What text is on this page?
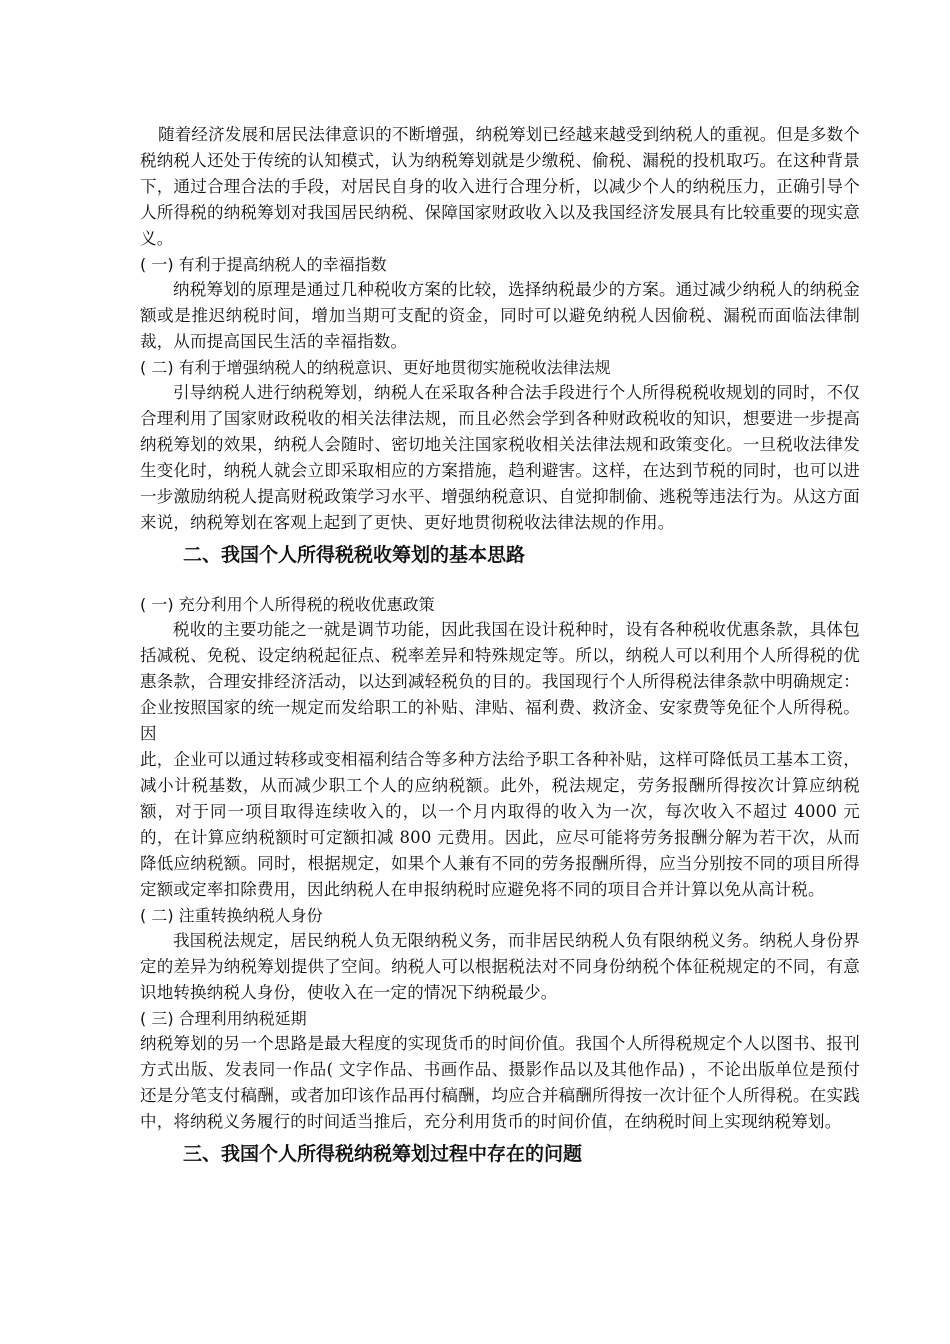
随着经济发展和居民法律意识的不断增强，纳税筹划已经越来越受到纳税人的重视。但是多数个税纳税人还处于传统的认知模式，认为纳税筹划就是少缴税、偷税、漏税的投机取巧。在这种背景下，通过合理合法的手段，对居民自身的收入进行合理分析，以减少个人的纳税压力，正确引导个人所得税的纳税筹划对我国居民纳税、保障国家财政收入以及我国经济发展具有比较重要的现实意义。

( 一) 有利于提高纳税人的幸福指数

纳税筹划的原理是通过几种税收方案的比较，选择纳税最少的方案。通过减少纳税人的纳税金额或是推迟纳税时间，增加当期可支配的资金，同时可以避免纳税人因偷税、漏税而面临法律制裁，从而提高国民生活的幸福指数。

( 二) 有利于增强纳税人的纳税意识、更好地贯彻实施税收法律法规

引导纳税人进行纳税筹划，纳税人在采取各种合法手段进行个人所得税税收规划的同时，不仅合理利用了国家财政税收的相关法律法规，而且必然会学到各种财政税收的知识，想要进一步提高纳税筹划的效果，纳税人会随时、密切地关注国家税收相关法律法规和政策变化。一旦税收法律发生变化时，纳税人就会立即采取相应的方案措施，趋利避害。这样，在达到节税的同时，也可以进一步激励纳税人提高财税政策学习水平、增强纳税意识、自觉抑制偷、逃税等违法行为。从这方面来说，纳税筹划在客观上起到了更快、更好地贯彻税收法律法规的作用。

二、我国个人所得税税收筹划的基本思路

( 一) 充分利用个人所得税的税收优惠政策

税收的主要功能之一就是调节功能，因此我国在设计税种时，设有各种税收优惠条款，具体包括减税、免税、设定纳税起征点、税率差异和特殊规定等。所以，纳税人可以利用个人所得税的优惠条款，合理安排经济活动，以达到减轻税负的目的。我国现行个人所得税法律条款中明确规定：企业按照国家的统一规定而发给职工的补贴、津贴、福利费、救济金、安家费等免征个人所得税。因

此，企业可以通过转移或变相福利结合等多种方法给予职工各种补贴，这样可降低员工基本工资，减小计税基数，从而减少职工个人的应纳税额。此外，税法规定，劳务报酬所得按次计算应纳税额，对于同一项目取得连续收入的，以一个月内取得的收入为一次，每次收入不超过 4000 元的，在计算应纳税额时可定额扣减 800 元费用。因此，应尽可能将劳务报酬分解为若干次，从而降低应纳税额。同时，根据规定，如果个人兼有不同的劳务报酬所得，应当分别按不同的项目所得定额或定率扣除费用，因此纳税人在申报纳税时应避免将不同的项目合并计算以免从高计税。

( 二) 注重转换纳税人身份

我国税法规定，居民纳税人负无限纳税义务，而非居民纳税人负有限纳税义务。纳税人身份界定的差异为纳税筹划提供了空间。纳税人可以根据税法对不同身份纳税个体征税规定的不同，有意识地转换纳税人身份，使收入在一定的情况下纳税最少。

( 三) 合理利用纳税延期

纳税筹划的另一个思路是最大程度的实现货币的时间价值。我国个人所得税规定个人以图书、报刊方式出版、发表同一作品( 文字作品、书画作品、摄影作品以及其他作品) ，不论出版单位是预付还是分笔支付稿酬，或者加印该作品再付稿酬，均应合并稿酬所得按一次计征个人所得税。在实践中，将纳税义务履行的时间适当推后，充分利用货币的时间价值，在纳税时间上实现纳税筹划。

三、我国个人所得税纳税筹划过程中存在的问题
